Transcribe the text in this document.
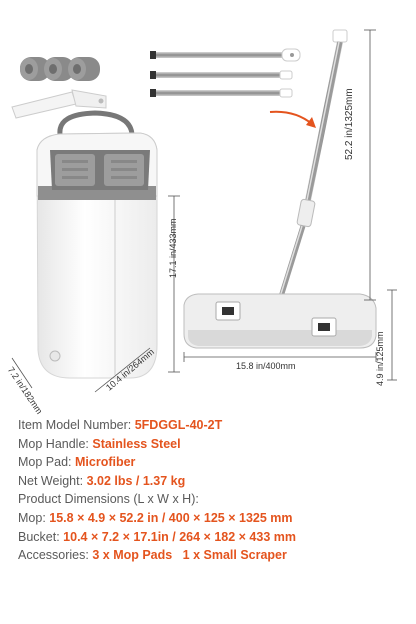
52.2 in/1325mm
17.1 in/433mm
15.8 in/400mm	4.9 in/125mm
7.2 in/182mm	10.4 in/264mm
Item Model Number: 5FDGGL-40-2T
Mop Handle: Stainless Steel
Mop Pad: Microfiber
Net Weight: 3.02 lbs / 1.37 kg
Product Dimensions (L x W x H):
Mop: 15.8 × 4.9 × 52.2 in / 400 × 125 × 1325 mm
Bucket: 10.4 × 7.2 × 17.1in / 264 × 182 × 433 mm
Accessories: 3 x Mop Pads   1 x Small Scraper
